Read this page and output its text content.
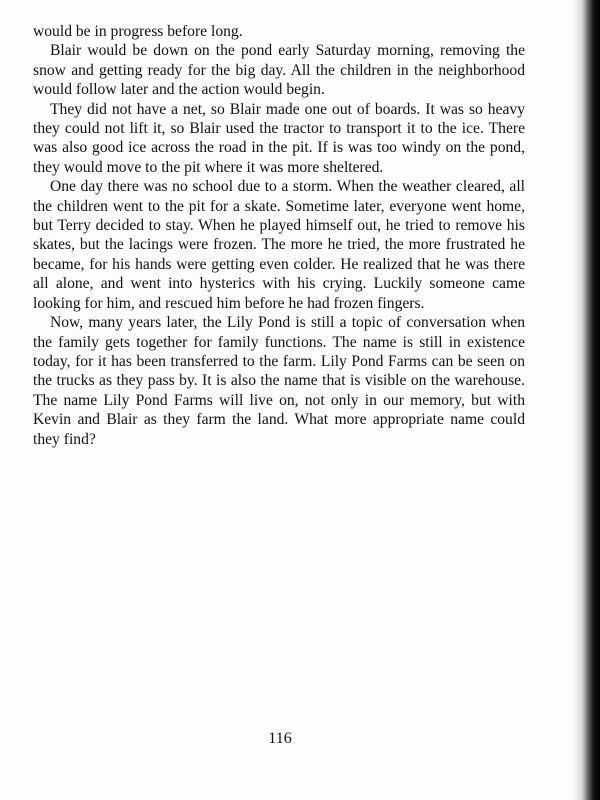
would be in progress before long.

Blair would be down on the pond early Saturday morning, removing the snow and getting ready for the big day. All the children in the neighborhood would follow later and the action would begin.

They did not have a net, so Blair made one out of boards. It was so heavy they could not lift it, so Blair used the tractor to transport it to the ice. There was also good ice across the road in the pit. If is was too windy on the pond, they would move to the pit where it was more sheltered.

One day there was no school due to a storm. When the weather cleared, all the children went to the pit for a skate. Sometime later, everyone went home, but Terry decided to stay. When he played himself out, he tried to remove his skates, but the lacings were frozen. The more he tried, the more frustrated he became, for his hands were getting even colder. He realized that he was there all alone, and went into hysterics with his crying. Luckily someone came looking for him, and rescued him before he had frozen fingers.

Now, many years later, the Lily Pond is still a topic of conversation when the family gets together for family functions. The name is still in existence today, for it has been transferred to the farm. Lily Pond Farms can be seen on the trucks as they pass by. It is also the name that is visible on the warehouse. The name Lily Pond Farms will live on, not only in our memory, but with Kevin and Blair as they farm the land. What more appropriate name could they find?

116
